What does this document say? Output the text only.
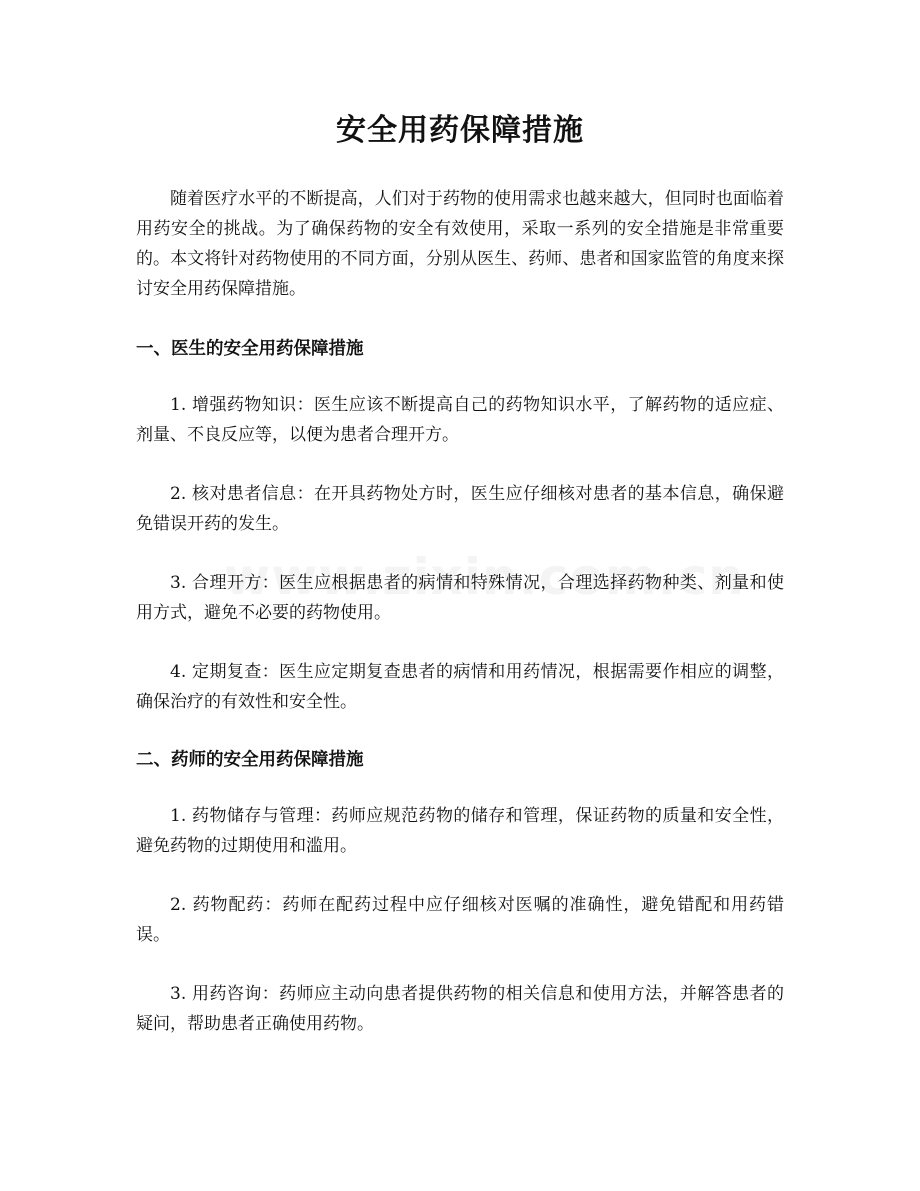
安全用药保障措施

随着医疗水平的不断提高，人们对于药物的使用需求也越来越大，但同时也面临着用药安全的挑战。为了确保药物的安全有效使用，采取一系列的安全措施是非常重要的。本文将针对药物使用的不同方面，分别从医生、药师、患者和国家监管的角度来探讨安全用药保障措施。

一、医生的安全用药保障措施

1. 增强药物知识：医生应该不断提高自己的药物知识水平，了解药物的适应症、剂量、不良反应等，以便为患者合理开方。

2. 核对患者信息：在开具药物处方时，医生应仔细核对患者的基本信息，确保避免错误开药的发生。

3. 合理开方：医生应根据患者的病情和特殊情况，合理选择药物种类、剂量和使用方式，避免不必要的药物使用。

4. 定期复查：医生应定期复查患者的病情和用药情况，根据需要作相应的调整，确保治疗的有效性和安全性。

二、药师的安全用药保障措施

1. 药物储存与管理：药师应规范药物的储存和管理，保证药物的质量和安全性，避免药物的过期使用和滥用。

2. 药物配药：药师在配药过程中应仔细核对医嘱的准确性，避免错配和用药错误。

3. 用药咨询：药师应主动向患者提供药物的相关信息和使用方法，并解答患者的疑问，帮助患者正确使用药物。
